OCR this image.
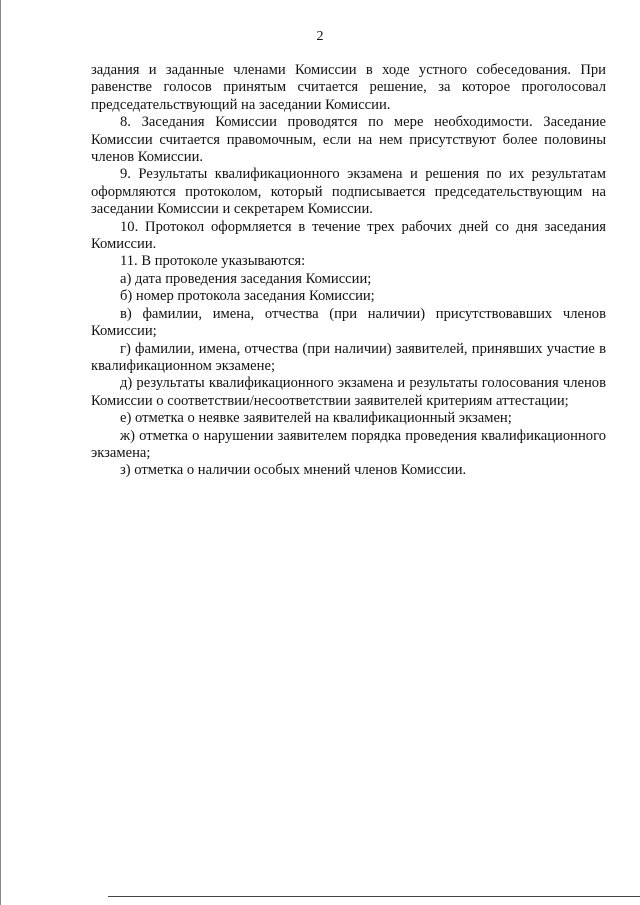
2

задания и заданные членами Комиссии в ходе устного собеседования. При равенстве голосов принятым считается решение, за которое проголосовал председательствующий на заседании Комиссии.

8. Заседания Комиссии проводятся по мере необходимости. Заседание Комиссии считается правомочным, если на нем присутствуют более половины членов Комиссии.

9. Результаты квалификационного экзамена и решения по их результатам оформляются протоколом, который подписывается председательствующим на заседании Комиссии и секретарем Комиссии.

10. Протокол оформляется в течение трех рабочих дней со дня заседания Комиссии.

11. В протоколе указываются:

а) дата проведения заседания Комиссии;

б) номер протокола заседания Комиссии;

в) фамилии, имена, отчества (при наличии) присутствовавших членов Комиссии;

г) фамилии, имена, отчества (при наличии) заявителей, принявших участие в квалификационном экзамене;

д) результаты квалификационного экзамена и результаты голосования членов Комиссии о соответствии/несоответствии заявителей критериям аттестации;

е) отметка о неявке заявителей на квалификационный экзамен;

ж) отметка о нарушении заявителем порядка проведения квалификационного экзамена;

з) отметка о наличии особых мнений членов Комиссии.
